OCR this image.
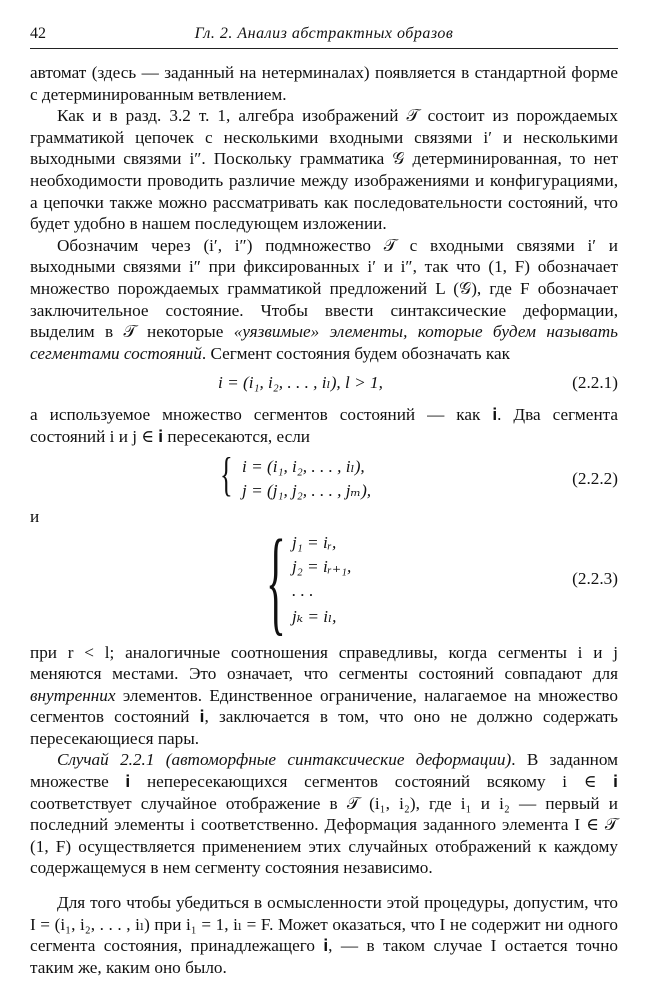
42	Гл. 2. Анализ абстрактных образов

автомат (здесь — заданный на нетерминалах) появляется в стандартной форме с детерминированным ветвлением.

Как и в разд. 3.2 т. 1, алгебра изображений 𝒯 состоит из порождаемых грамматикой цепочек с несколькими входными связями i′ и несколькими выходными связями i″. Поскольку грамматика 𝒢 детерминированная, то нет необходимости проводить различие между изображениями и конфигурациями, а цепочки также можно рассматривать как последовательности состояний, что будет удобно в нашем последующем изложении.

Обозначим через (i′, i″) подмножество 𝒯 с входными связями i′ и выходными связями i″ при фиксированных i′ и i″, так что (1, F) обозначает множество порождаемых грамматикой предложений L (𝒢), где F обозначает заключительное состояние. Чтобы ввести синтаксические деформации, выделим в 𝒯 некоторые «уязвимые» элементы, которые будем называть сегментами состояний. Сегмент состояния будем обозначать как

i = (i₁, i₂, . . . , iₗ), l > 1,	(2.2.1)

а используемое множество сегментов состояний — как 𝐢. Два сегмента состояний i и j ∈ 𝐢 пересекаются, если

{ i = (i₁, i₂, . . . , iₗ),
j = (j₁, j₂, . . . , jₘ),
(2.2.2)

и	{ j₁ = iᵣ,
j₂ = iᵣ₊₁,
. . .
jₖ = iₗ,
(2.2.3)

при r < l; аналогичные соотношения справедливы, когда сегменты i и j меняются местами. Это означает, что сегменты состояний совпадают для внутренних элементов. Единственное ограничение, налагаемое на множество сегментов состояний 𝐢, заключается в том, что оно не должно содержать пересекающиеся пары.

Случай 2.2.1 (автоморфные синтаксические деформации). В заданном множестве 𝐢 непересекающихся сегментов состояний всякому i ∈ 𝐢 соответствует случайное отображение в 𝒯 (i₁, i₂), где i₁ и i₂ — первый и последний элементы i соответственно. Деформация заданного элемента I ∈ 𝒯 (1, F) осуществляется применением этих случайных отображений к каждому содержащемуся в нем сегменту состояния независимо.

Для того чтобы убедиться в осмысленности этой процедуры, допустим, что I = (i₁, i₂, . . . , iₗ) при i₁ = 1, iₗ = F. Может оказаться, что I не содержит ни одного сегмента состояния, принадлежащего 𝐢, — в таком случае I остается точно таким же, каким оно было.
